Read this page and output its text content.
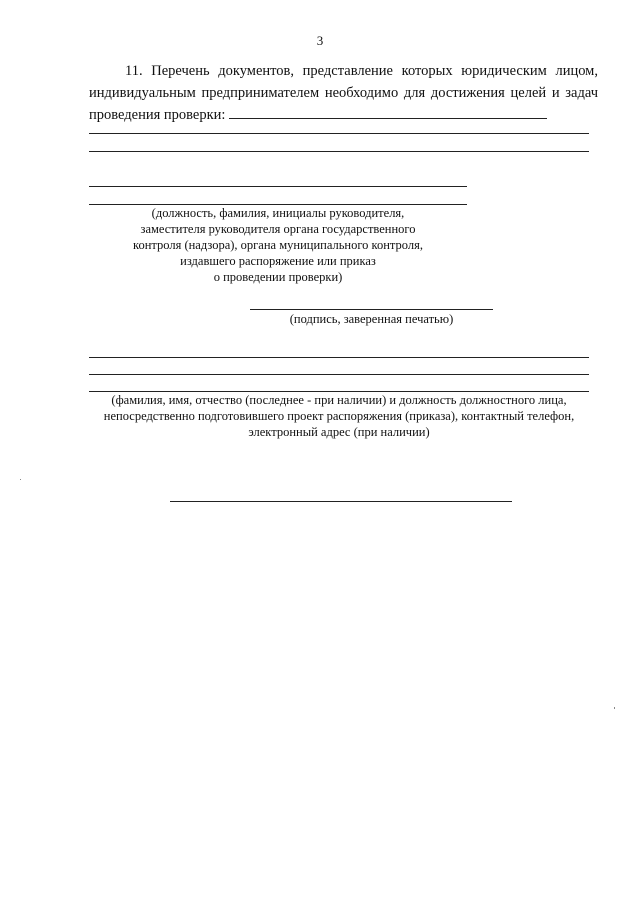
3
11. Перечень документов, представление которых юридическим лицом, индивидуальным предпринимателем необходимо для достижения целей и задач проведения проверки:
(должность, фамилия, инициалы руководителя,
заместителя руководителя органа государственного
контроля (надзора), органа муниципального контроля,
издавшего распоряжение или приказ
о проведении проверки)
(подпись, заверенная печатью)
(фамилия, имя, отчество (последнее - при наличии) и должность должностного лица,
непосредственно подготовившего проект распоряжения (приказа), контактный телефон,
электронный адрес (при наличии)
